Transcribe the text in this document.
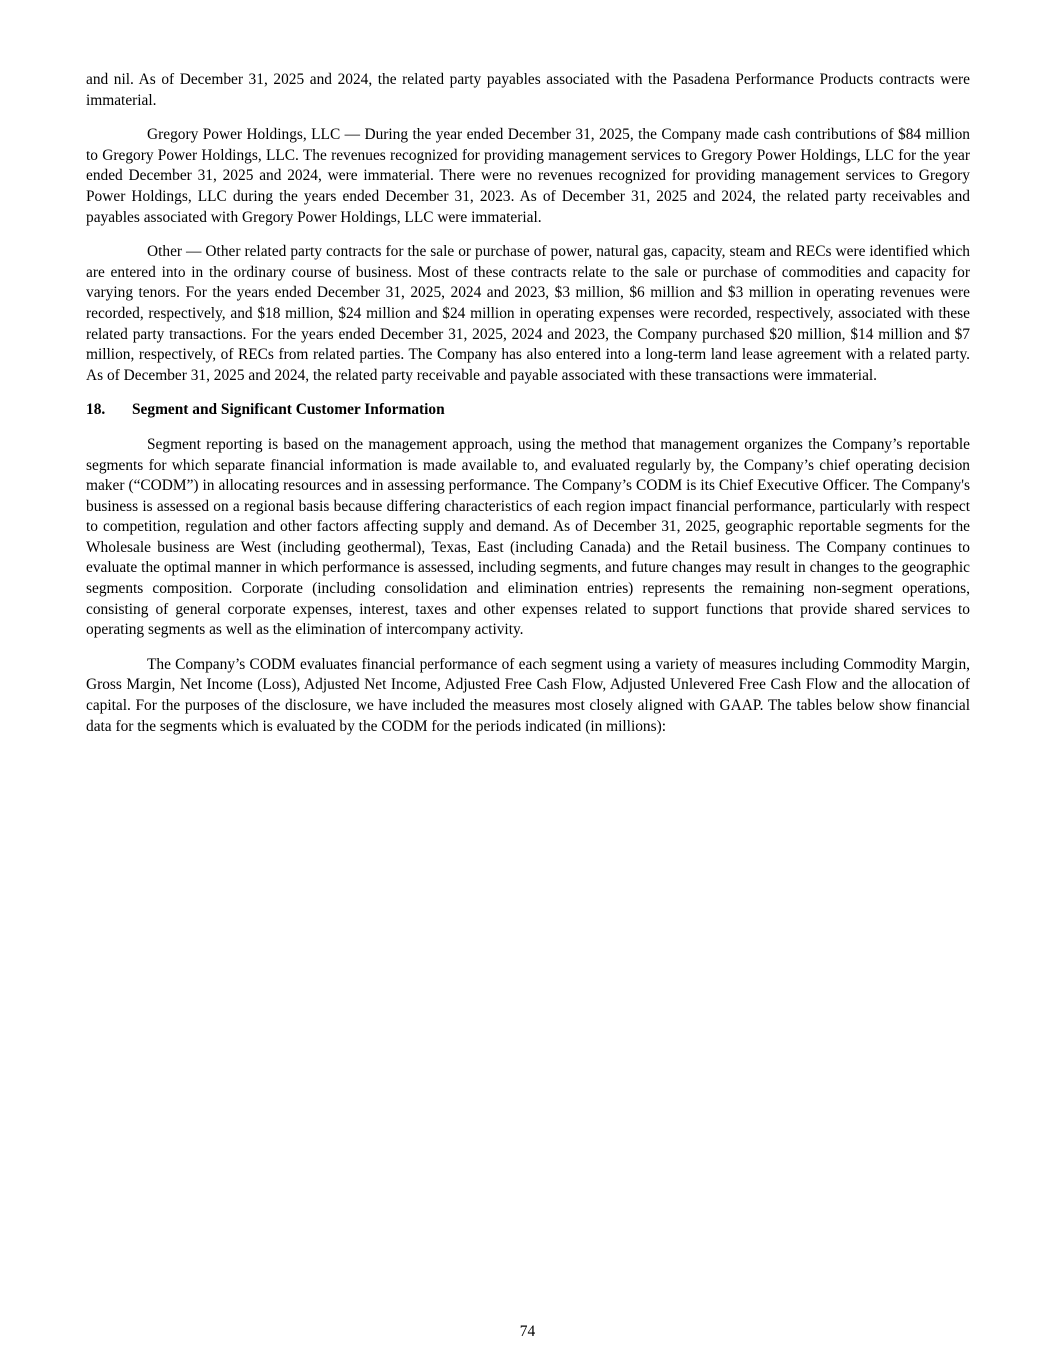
and nil. As of December 31, 2025 and 2024, the related party payables associated with the Pasadena Performance Products contracts were immaterial.

Gregory Power Holdings, LLC — During the year ended December 31, 2025, the Company made cash contributions of $84 million to Gregory Power Holdings, LLC. The revenues recognized for providing management services to Gregory Power Holdings, LLC for the year ended December 31, 2025 and 2024, were immaterial. There were no revenues recognized for providing management services to Gregory Power Holdings, LLC during the years ended December 31, 2023. As of December 31, 2025 and 2024, the related party receivables and payables associated with Gregory Power Holdings, LLC were immaterial.

Other — Other related party contracts for the sale or purchase of power, natural gas, capacity, steam and RECs were identified which are entered into in the ordinary course of business. Most of these contracts relate to the sale or purchase of commodities and capacity for varying tenors. For the years ended December 31, 2025, 2024 and 2023, $3 million, $6 million and $3 million in operating revenues were recorded, respectively, and $18 million, $24 million and $24 million in operating expenses were recorded, respectively, associated with these related party transactions. For the years ended December 31, 2025, 2024 and 2023, the Company purchased $20 million, $14 million and $7 million, respectively, of RECs from related parties. The Company has also entered into a long-term land lease agreement with a related party. As of December 31, 2025 and 2024, the related party receivable and payable associated with these transactions were immaterial.

18.	Segment and Significant Customer Information

Segment reporting is based on the management approach, using the method that management organizes the Company’s reportable segments for which separate financial information is made available to, and evaluated regularly by, the Company’s chief operating decision maker (“CODM”) in allocating resources and in assessing performance. The Company’s CODM is its Chief Executive Officer. The Company's business is assessed on a regional basis because differing characteristics of each region impact financial performance, particularly with respect to competition, regulation and other factors affecting supply and demand. As of December 31, 2025, geographic reportable segments for the Wholesale business are West (including geothermal), Texas, East (including Canada) and the Retail business. The Company continues to evaluate the optimal manner in which performance is assessed, including segments, and future changes may result in changes to the geographic segments composition. Corporate (including consolidation and elimination entries) represents the remaining non-segment operations, consisting of general corporate expenses, interest, taxes and other expenses related to support functions that provide shared services to operating segments as well as the elimination of intercompany activity.

The Company’s CODM evaluates financial performance of each segment using a variety of measures including Commodity Margin, Gross Margin, Net Income (Loss), Adjusted Net Income, Adjusted Free Cash Flow, Adjusted Unlevered Free Cash Flow and the allocation of capital. For the purposes of the disclosure, we have included the measures most closely aligned with GAAP. The tables below show financial data for the segments which is evaluated by the CODM for the periods indicated (in millions):

74
